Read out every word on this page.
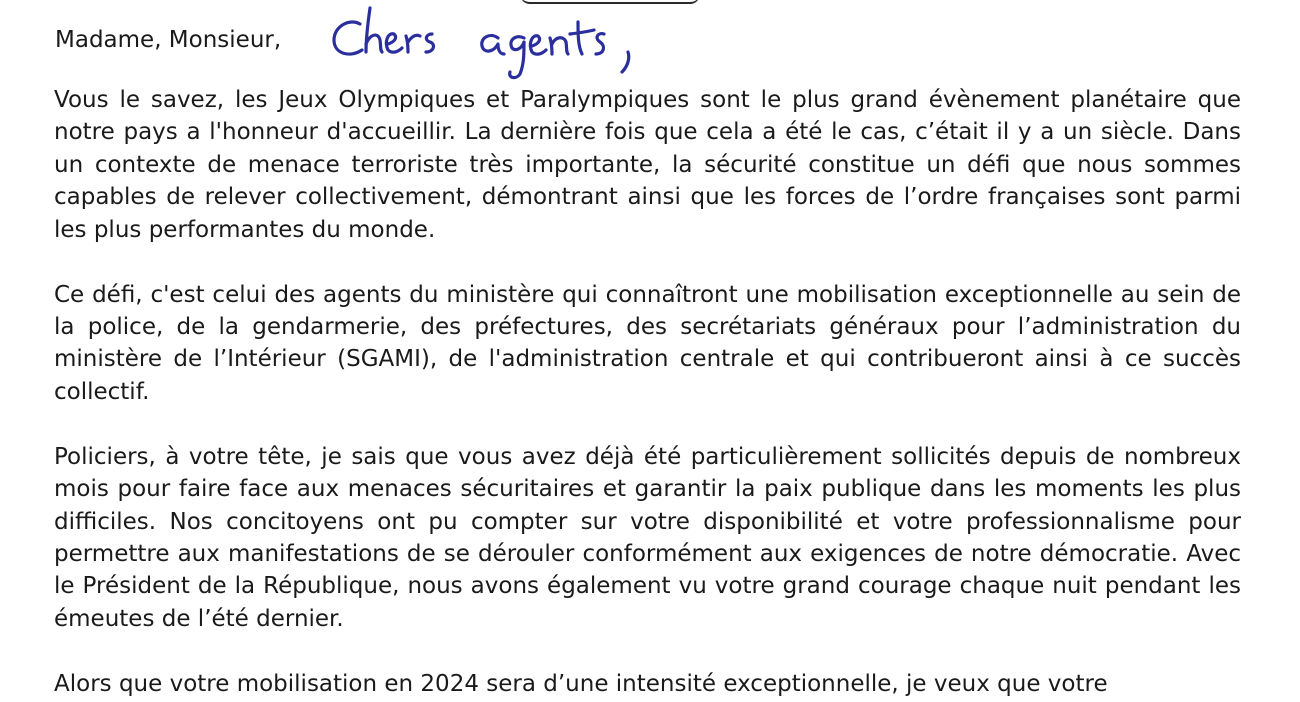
Madame, Monsieur,

Vous le savez, les Jeux Olympiques et Paralympiques sont le plus grand évènement planétaire que notre pays a l'honneur d'accueillir. La dernière fois que cela a été le cas, c’était il y a un siècle. Dans un contexte de menace terroriste très importante, la sécurité constitue un défi que nous sommes capables de relever collectivement, démontrant ainsi que les forces de l’ordre françaises sont parmi les plus performantes du monde.

Ce défi, c'est celui des agents du ministère qui connaîtront une mobilisation exceptionnelle au sein de la police, de la gendarmerie, des préfectures, des secrétariats généraux pour l’administration du ministère de l’Intérieur (SGAMI), de l'administration centrale et qui contribueront ainsi à ce succès collectif.

Policiers, à votre tête, je sais que vous avez déjà été particulièrement sollicités depuis de nombreux mois pour faire face aux menaces sécuritaires et garantir la paix publique dans les moments les plus difficiles. Nos concitoyens ont pu compter sur votre disponibilité et votre professionnalisme pour permettre aux manifestations de se dérouler conformément aux exigences de notre démocratie. Avec le Président de la République, nous avons également vu votre grand courage chaque nuit pendant les émeutes de l’été dernier.

Alors que votre mobilisation en 2024 sera d’une intensité exceptionnelle, je veux que votre
